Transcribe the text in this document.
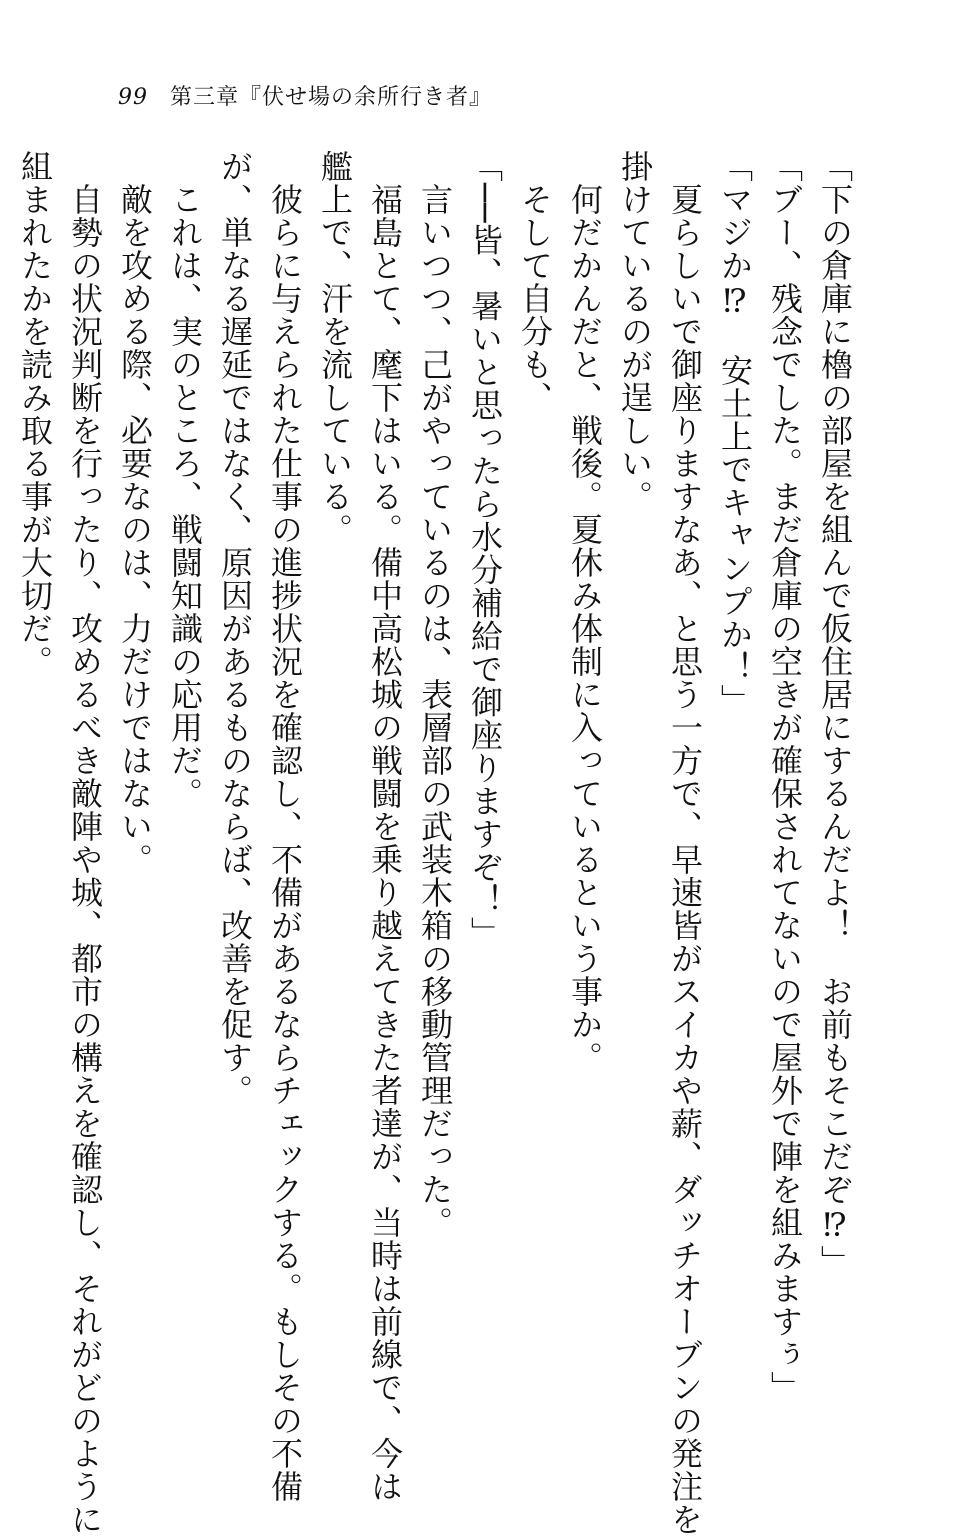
99 第三章『伏せ場の余所行き者』
「下の倉庫に櫓の部屋を組んで仮住居にするんだよ！　お前もそこだぞ⁉」
「ブー、残念でした。まだ倉庫の空きが確保されてないので屋外で陣を組みますぅ」
「マジか⁉　安土上でキャンプか！」
　夏らしいで御座りますなあ、と思う一方で、早速皆がスイカや薪、ダッチオーブンの発注を
掛けているのが逞しい。
　何だかんだと、戦後。夏休み体制に入っているという事か。
　そして自分も、
「──皆、暑いと思ったら水分補給で御座りますぞ！」
　言いつつ、己がやっているのは、表層部の武装木箱の移動管理だった。
　福島とて、麾下はいる。備中高松城の戦闘を乗り越えてきた者達が、当時は前線で、今は
艦上で、汗を流している。
　彼らに与えられた仕事の進捗状況を確認し、不備があるならチェックする。もしその不備
が、単なる遅延ではなく、原因があるものならば、改善を促す。
　これは、実のところ、戦闘知識の応用だ。
　敵を攻める際、必要なのは、力だけではない。
　自勢の状況判断を行ったり、攻めるべき敵陣や城、都市の構えを確認し、それがどのように
組まれたかを読み取る事が大切だ。
